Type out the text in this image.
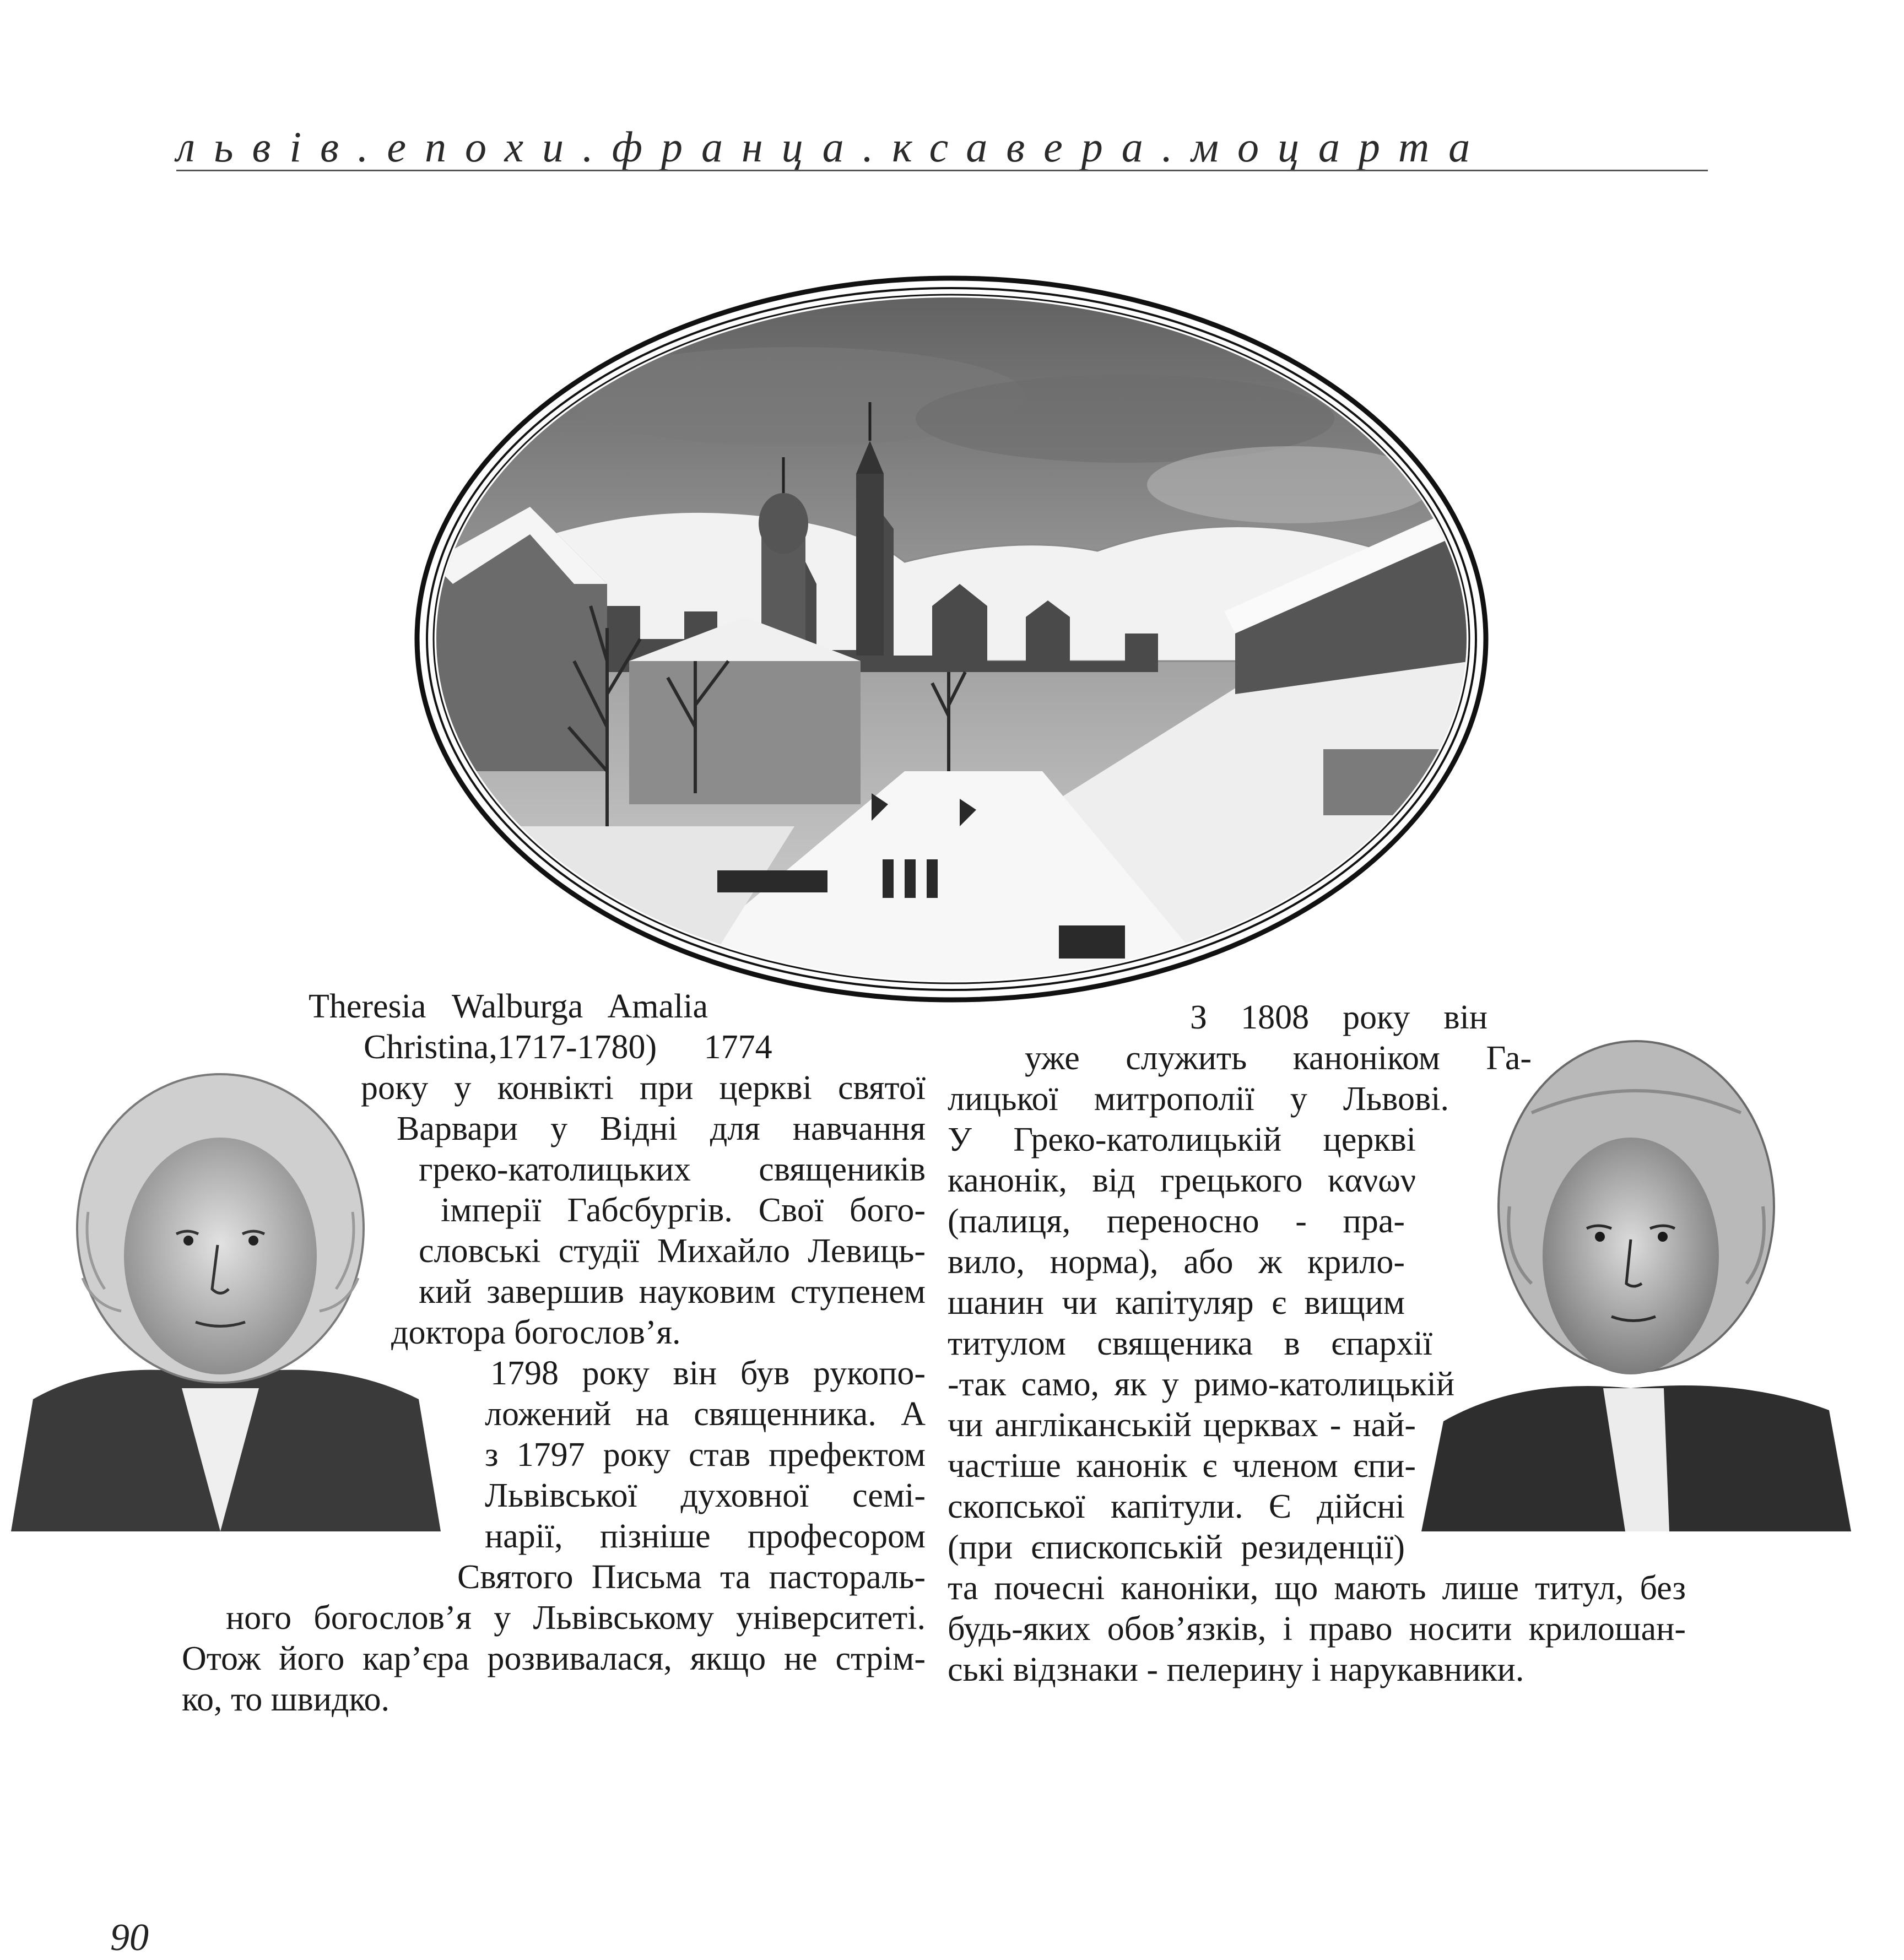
львів.епохи.франца.ксавера.моцарта
Theresia Walburga Amalia
Christina,1717-1780) 1774
року у конвікті при церкві святої
Варвари у Відні для навчання
греко-католицьких священиків
імперії Габсбургів. Свої бого-
словські студії Михайло Левиць-
кий завершив науковим ступенем
доктора богослов’я.
1798 року він був рукопо-
ложений на священника. А
з 1797 року став префектом
Львівської духовної семі-
нарії, пізніше професором
Святого Письма та пастораль-
ного богослов’я у Львівському університеті.
Отож його кар’єра розвивалася, якщо не стрім-
ко, то швидко.
З 1808 року він
уже служить каноніком Га-
лицької митрополії у Львові.
У Греко-католицькій церкві
канонік, від грецького κανων
(палиця, переносно - пра-
вило, норма), або ж крило-
шанин чи капітуляр є вищим
титулом священика в єпархії
-так само, як у римо-католицькій
чи англіканській церквах - най-
частіше канонік є членом єпи-
скопської капітули. Є дійсні
(при єпископській резиденції)
та почесні каноніки, що мають лише титул, без
будь-яких обов’язків, і право носити крилошан-
ські відзнаки - пелерину і нарукавники.
90
